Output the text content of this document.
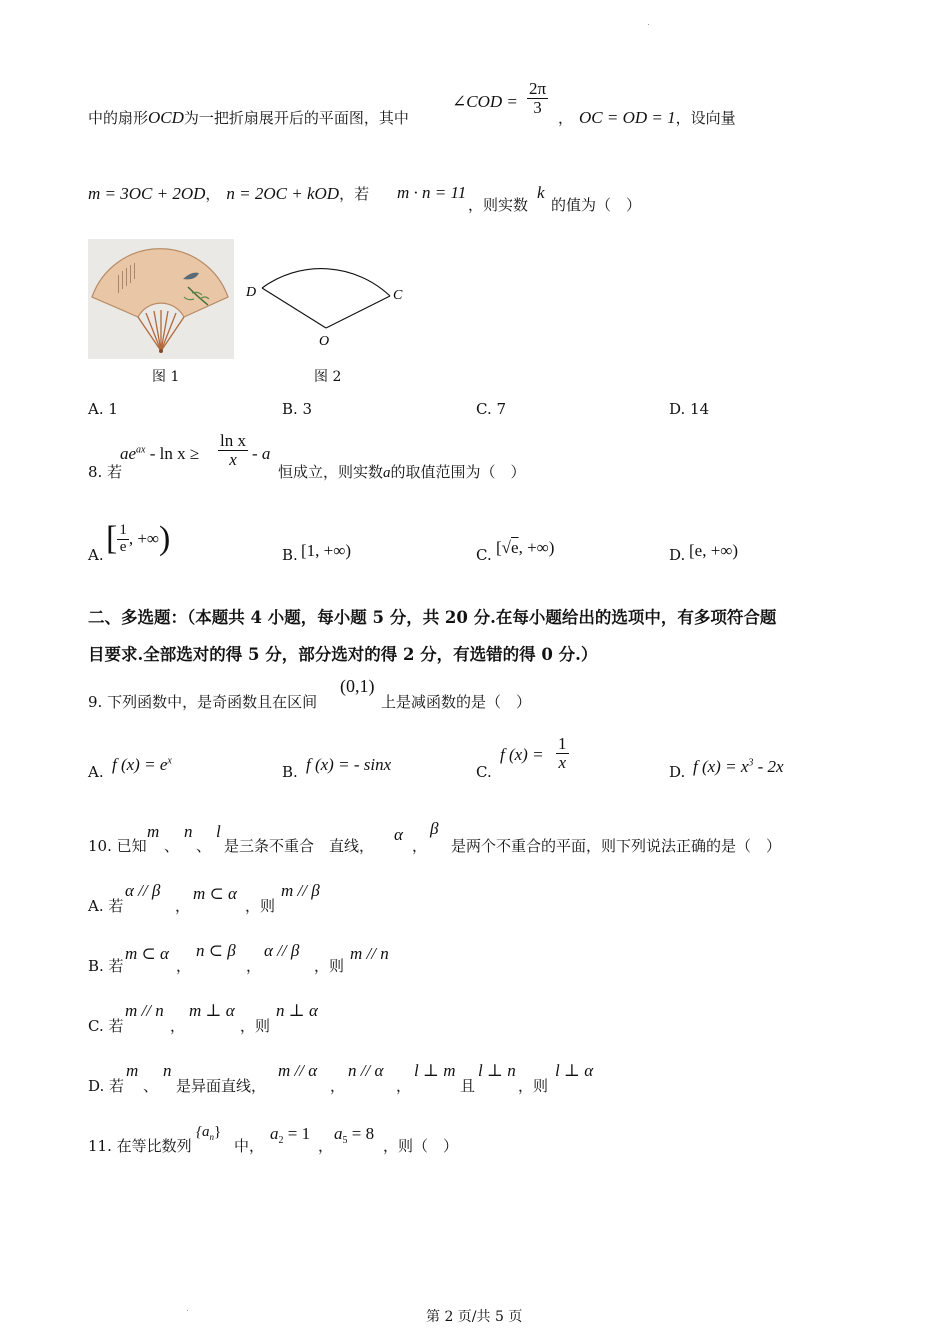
中的扇形OCD为一把折扇展开后的平面图，其中
∠COD = $\frac{2\pi}{3}$
， OC = OD = 1，设向量
m = 3OC + 2OD， n = 2OC + kOD，若 m · n = 11
，则实数
k
的值为（　）
D	C
O
图 1	图 2
A. 1	B. 3	C. 7	D. 14
8. 若
$ae^{ax} - \ln x \ge \frac{\text{ln x}}{x} - a$
恒成立，则实数a的取值范围为（　）
A. [ $\frac{1}{e}$ , +∞)	B. [1, +∞)	C. [√e, +∞)	D. [e, +∞)
二、多选题：（本题共 4 小题，每小题 5 分，共 20 分.在每小题给出的选项中，有多项符合题
目要求.全部选对的得 5 分，部分选对的得 2 分，有选错的得 0 分.）
9. 下列函数中，是奇函数且在区间
(0,1)
上是减函数的是（　）
A. f $(x) = e^x$
B. f (x) = - sinx	C.
f $(x) = \frac{1}{x}$
D. f $(x) = x^3 - 2x$
10. 已知
m
、
n
、
l
是三条不重合　直线，
α
，
β
是两个不重合的平面，则下列说法正确的是（　）
A. 若
α // β
，
m ⊂ α
，则
m // β
B. 若
m ⊂ α
，
n ⊂ β
，
α // β
，则
m // n
C. 若
m // n
，
m ⊥ α
，则
n ⊥ α
D. 若
m
、
n
是异面直线，
m // α
，
n // α
，
l ⊥ m
且
l ⊥ n
，则
l ⊥ α
11. 在等比数列
$\{a_n\}$
中，
$a_2 = 1$
，
$a_5 = 8$
，则（　）
第 2 页/共 5 页
